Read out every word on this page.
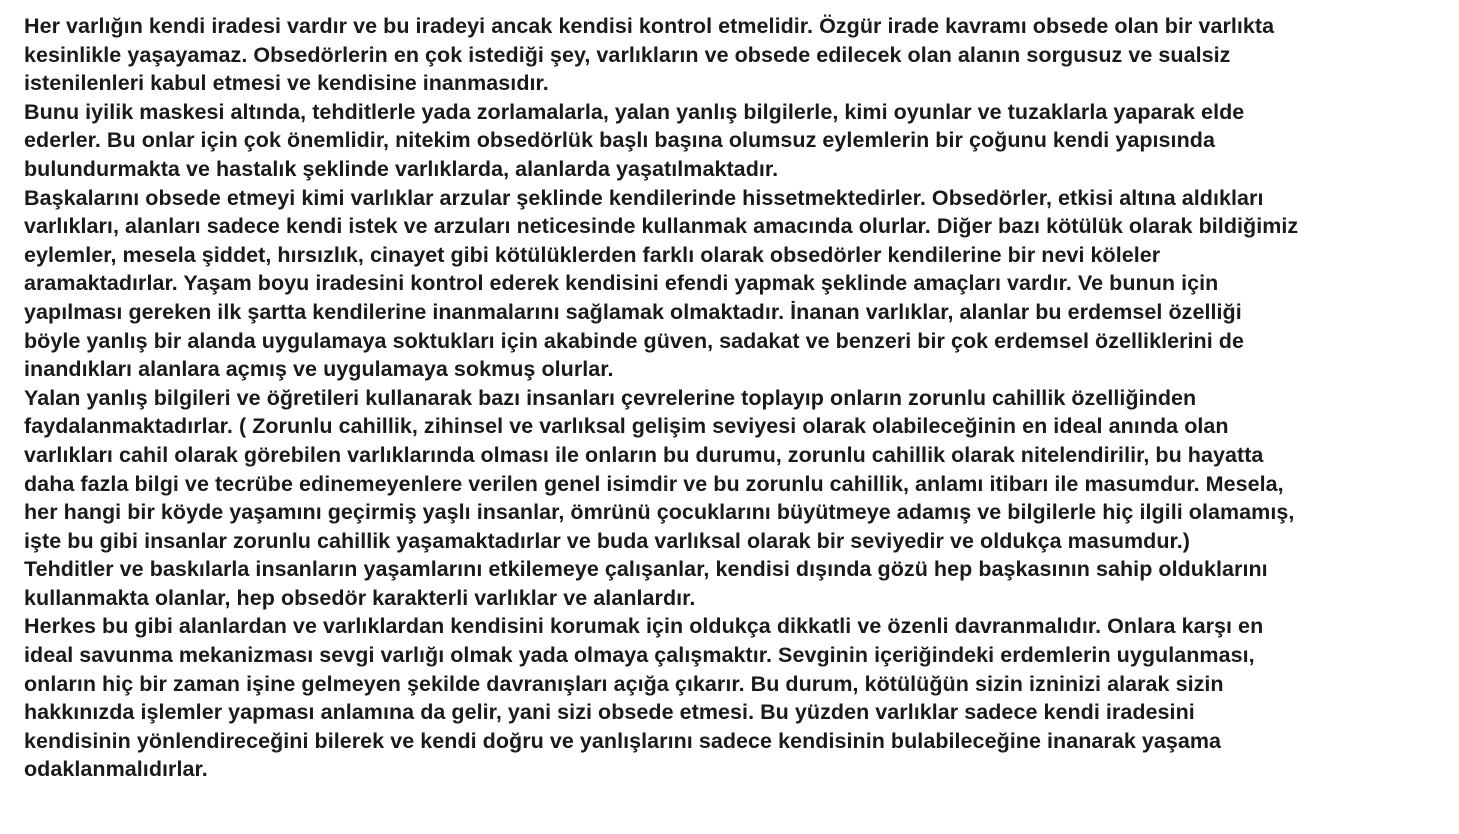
Her varlığın kendi iradesi vardır ve bu iradeyi ancak kendisi kontrol etmelidir. Özgür irade kavramı obsede olan bir varlıkta
kesinlikle yaşayamaz. Obsedörlerin en çok istediği şey, varlıkların ve obsede edilecek olan alanın sorgusuz ve sualsiz
istenilenleri kabul etmesi ve kendisine inanmasıdır.
Bunu iyilik maskesi altında, tehditlerle yada zorlamalarla, yalan yanlış bilgilerle, kimi oyunlar ve tuzaklarla yaparak elde
ederler. Bu onlar için çok önemlidir, nitekim obsedörlük başlı başına olumsuz eylemlerin bir çoğunu kendi yapısında
bulundurmakta ve hastalık şeklinde varlıklarda, alanlarda yaşatılmaktadır.
Başkalarını obsede etmeyi kimi varlıklar arzular şeklinde kendilerinde hissetmektedirler. Obsedörler, etkisi altına aldıkları
varlıkları, alanları sadece kendi istek ve arzuları neticesinde kullanmak amacında olurlar. Diğer bazı kötülük olarak bildiğimiz
eylemler, mesela şiddet, hırsızlık, cinayet gibi kötülüklerden farklı olarak obsedörler kendilerine bir nevi köleler
aramaktadırlar. Yaşam boyu iradesini kontrol ederek kendisini efendi yapmak şeklinde amaçları vardır. Ve bunun için
yapılması gereken ilk şartta kendilerine inanmalarını sağlamak olmaktadır. İnanan varlıklar, alanlar bu erdemsel özelliği
böyle yanlış bir alanda uygulamaya soktukları için akabinde güven, sadakat ve benzeri bir çok erdemsel özelliklerini de
inandıkları alanlara açmış ve uygulamaya sokmuş olurlar.
Yalan yanlış bilgileri ve öğretileri kullanarak bazı insanları çevrelerine toplayıp onların zorunlu cahillik özelliğinden
faydalanmaktadırlar. ( Zorunlu cahillik, zihinsel ve varlıksal gelişim seviyesi olarak olabileceğinin en ideal anında olan
varlıkları cahil olarak görebilen varlıklarında olması ile onların bu durumu, zorunlu cahillik olarak nitelendirilir, bu hayatta
daha fazla bilgi ve tecrübe edinemeyenlere verilen genel isimdir ve bu zorunlu cahillik, anlamı itibarı ile masumdur. Mesela,
her hangi bir köyde yaşamını geçirmiş yaşlı insanlar, ömrünü çocuklarını büyütmeye adamış ve bilgilerle hiç ilgili olamamış,
işte bu gibi insanlar zorunlu cahillik yaşamaktadırlar ve buda varlıksal olarak bir seviyedir ve oldukça masumdur.)
Tehditler ve baskılarla insanların yaşamlarını etkilemeye çalışanlar, kendisi dışında gözü hep başkasının sahip olduklarını
kullanmakta olanlar, hep obsedör karakterli varlıklar ve alanlardır.
Herkes bu gibi alanlardan ve varlıklardan kendisini korumak için oldukça dikkatli ve özenli davranmalıdır. Onlara karşı en
ideal savunma mekanizması sevgi varlığı olmak yada olmaya çalışmaktır. Sevginin içeriğindeki erdemlerin uygulanması,
onların hiç bir zaman işine gelmeyen şekilde davranışları açığa çıkarır. Bu durum, kötülüğün sizin izninizi alarak sizin
hakkınızda işlemler yapması anlamına da gelir, yani sizi obsede etmesi. Bu yüzden varlıklar sadece kendi iradesini
kendisinin yönlendireceğini bilerek ve kendi doğru ve yanlışlarını sadece kendisinin bulabileceğine inanarak yaşama
odaklanmalıdırlar.
